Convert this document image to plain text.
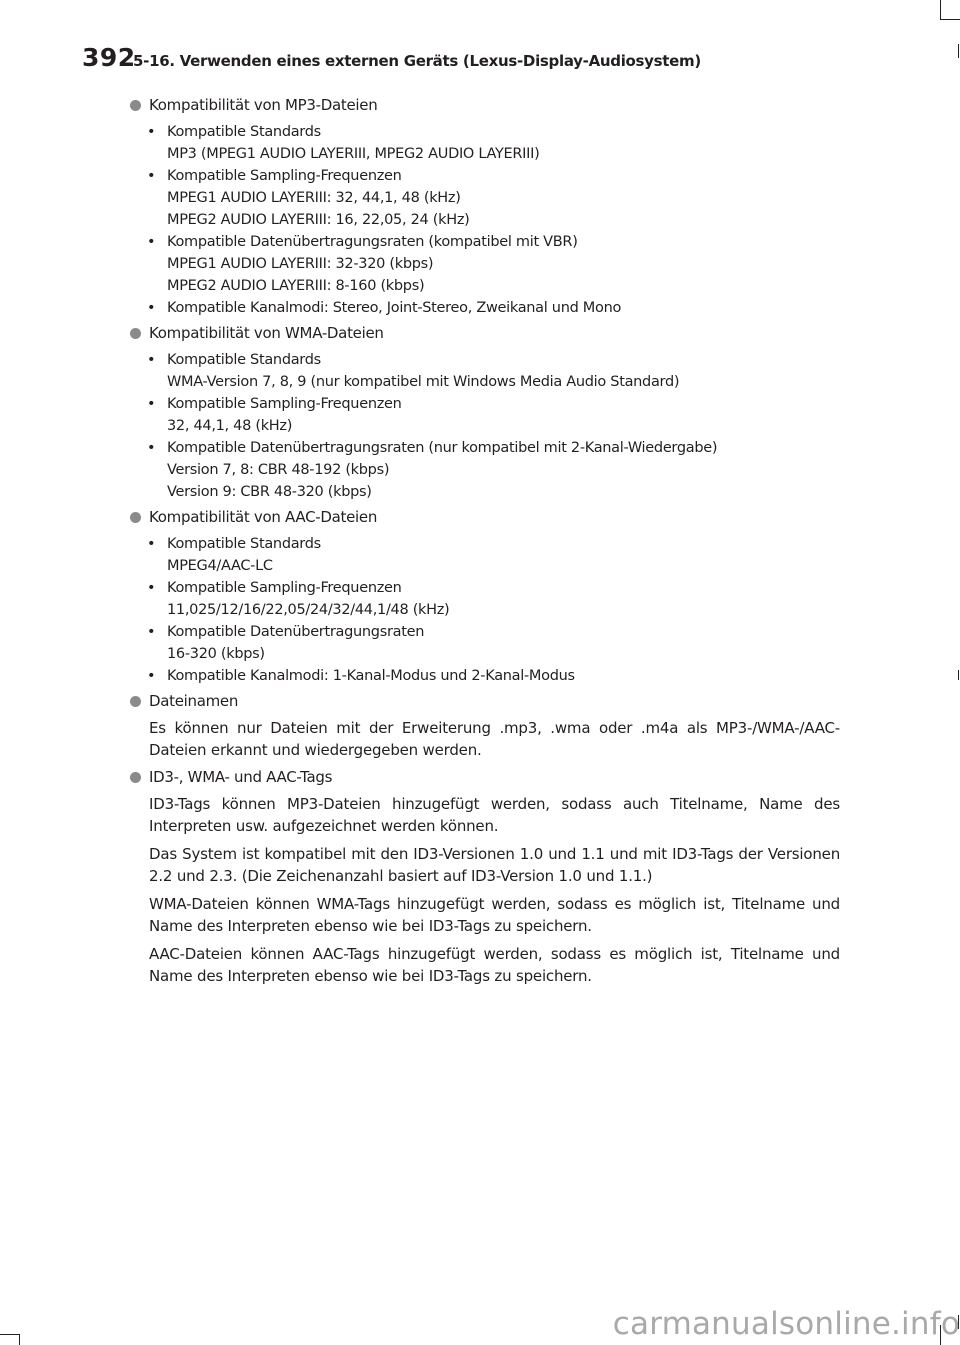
392
5-16. Verwenden eines externen Geräts (Lexus-Display-Audiosystem)
Kompatibilität von MP3-Dateien
• Kompatible Standards
MP3 (MPEG1 AUDIO LAYERIII, MPEG2 AUDIO LAYERIII)
• Kompatible Sampling-Frequenzen
MPEG1 AUDIO LAYERIII: 32, 44,1, 48 (kHz)
MPEG2 AUDIO LAYERIII: 16, 22,05, 24 (kHz)
• Kompatible Datenübertragungsraten (kompatibel mit VBR)
MPEG1 AUDIO LAYERIII: 32-320 (kbps)
MPEG2 AUDIO LAYERIII: 8-160 (kbps)
• Kompatible Kanalmodi: Stereo, Joint-Stereo, Zweikanal und Mono
Kompatibilität von WMA-Dateien
• Kompatible Standards
WMA-Version 7, 8, 9 (nur kompatibel mit Windows Media Audio Standard)
• Kompatible Sampling-Frequenzen
32, 44,1, 48 (kHz)
• Kompatible Datenübertragungsraten (nur kompatibel mit 2-Kanal-Wiedergabe)
Version 7, 8: CBR 48-192 (kbps)
Version 9: CBR 48-320 (kbps)
Kompatibilität von AAC-Dateien
• Kompatible Standards
MPEG4/AAC-LC
• Kompatible Sampling-Frequenzen
11,025/12/16/22,05/24/32/44,1/48 (kHz)
• Kompatible Datenübertragungsraten
16-320 (kbps)
• Kompatible Kanalmodi: 1-Kanal-Modus und 2-Kanal-Modus
Dateinamen
Es können nur Dateien mit der Erweiterung .mp3, .wma oder .m4a als MP3-/WMA-/AAC-Dateien erkannt und wiedergegeben werden.
ID3-, WMA- und AAC-Tags
ID3-Tags können MP3-Dateien hinzugefügt werden, sodass auch Titelname, Name des Interpreten usw. aufgezeichnet werden können.
Das System ist kompatibel mit den ID3-Versionen 1.0 und 1.1 und mit ID3-Tags der Versionen 2.2 und 2.3. (Die Zeichenanzahl basiert auf ID3-Version 1.0 und 1.1.)
WMA-Dateien können WMA-Tags hinzugefügt werden, sodass es möglich ist, Titelname und Name des Interpreten ebenso wie bei ID3-Tags zu speichern.
AAC-Dateien können AAC-Tags hinzugefügt werden, sodass es möglich ist, Titelname und Name des Interpreten ebenso wie bei ID3-Tags zu speichern.
carmanualsonline.info
